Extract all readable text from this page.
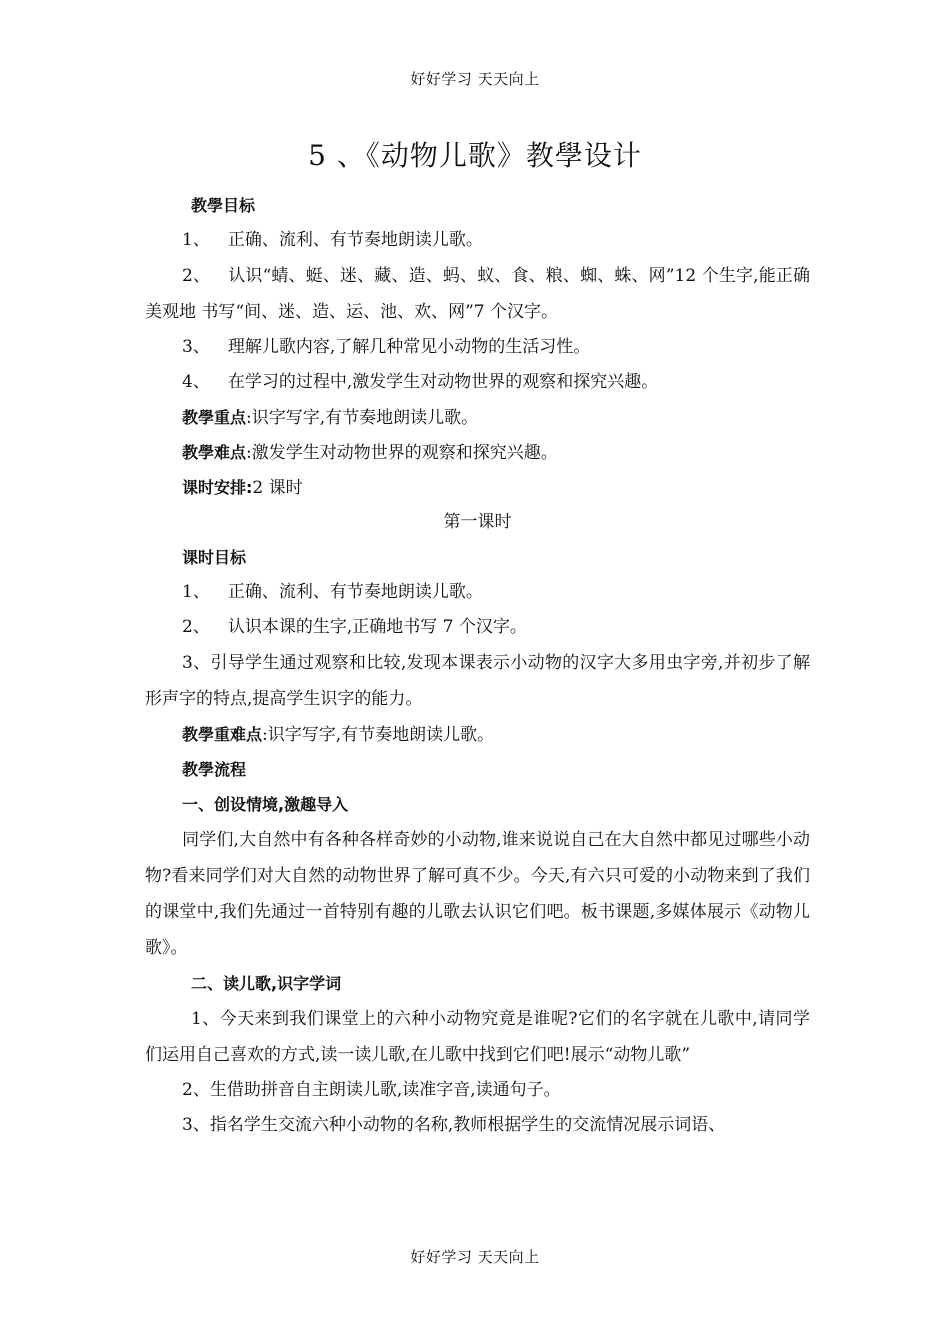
好好学习 天天向上
5 、《动物儿歌》教學设计
教學目标
1、 正确、流利、有节奏地朗读儿歌。
2、 认识“蜻、蜓、迷、藏、造、蚂、蚁、食、粮、蜘、蛛、网”12 个生字,能正确美观地 书写“间、迷、造、运、池、欢、网”7 个汉字。
3、 理解儿歌内容,了解几种常见小动物的生活习性。
4、 在学习的过程中,激发学生对动物世界的观察和探究兴趣。
教學重点:识字写字,有节奏地朗读儿歌。
教學难点:激发学生对动物世界的观察和探究兴趣。
课时安排:2 课时
第一课时
课时目标
1、 正确、流利、有节奏地朗读儿歌。
2、 认识本课的生字,正确地书写 7 个汉字。
3、引导学生通过观察和比较,发现本课表示小动物的汉字大多用虫字旁,并初步了解形声字的特点,提高学生识字的能力。
教學重难点:识字写字,有节奏地朗读儿歌。
教學流程
一、创设情境,激趣导入
同学们,大自然中有各种各样奇妙的小动物,谁来说说自己在大自然中都见过哪些小动物?看来同学们对大自然的动物世界了解可真不少。今天,有六只可爱的小动物来到了我们的课堂中,我们先通过一首特别有趣的儿歌去认识它们吧。板书课题,多媒体展示《动物儿歌》。
二、读儿歌,识字学词
1、今天来到我们课堂上的六种小动物究竟是谁呢?它们的名字就在儿歌中,请同学们运用自己喜欢的方式,读一读儿歌,在儿歌中找到它们吧!展示“动物儿歌”
2、生借助拼音自主朗读儿歌,读准字音,读通句子。
3、指名学生交流六种小动物的名称,教师根据学生的交流情况展示词语、
好好学习 天天向上
